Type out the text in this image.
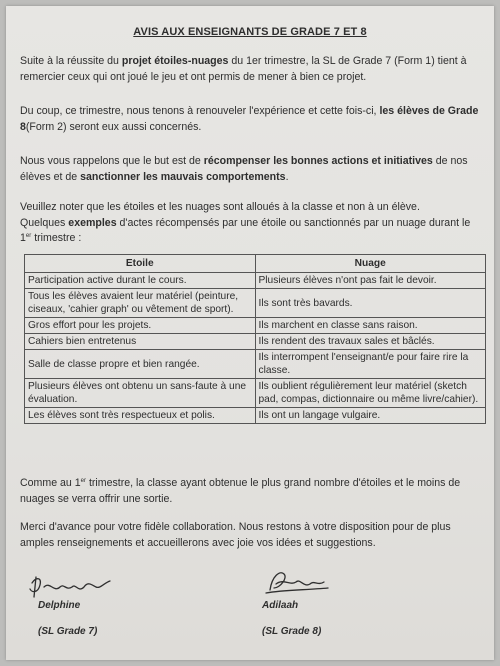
AVIS AUX ENSEIGNANTS DE GRADE 7 ET 8
Suite à la réussite du projet étoiles-nuages du 1er trimestre, la SL de Grade 7 (Form 1) tient à remercier ceux qui ont joué le jeu et ont permis de mener à bien ce projet.
Du coup, ce trimestre, nous tenons à renouveler l'expérience et cette fois-ci, les élèves de Grade 8(Form 2) seront eux aussi concernés.
Nous vous rappelons que le but est de récompenser les bonnes actions et initiatives de nos élèves et de sanctionner les mauvais comportements.
Veuillez noter que les étoiles et les nuages sont alloués à la classe et non à un élève.
Quelques exemples d'actes récompensés par une étoile ou sanctionnés par un nuage durant le 1er trimestre :
Etoile	Nuage
Participation active durant le cours.	Plusieurs élèves n'ont pas fait le devoir.
Tous les élèves avaient leur matériel (peinture, ciseaux, 'cahier graph' ou vêtement de sport).	Ils sont très bavards.
Gros effort pour les projets.	Ils marchent en classe sans raison.
Cahiers bien entretenus	Ils rendent des travaux sales et bâclés.
Salle de classe propre et bien rangée.	Ils interrompent l'enseignant/e pour faire rire la classe.
Plusieurs élèves ont obtenu un sans-faute à une évaluation.	Ils oublient régulièrement leur matériel (sketch pad, compas, dictionnaire ou même livre/cahier).
Les élèves sont très respectueux et polis.	Ils ont un langage vulgaire.
Comme au 1er trimestre, la classe ayant obtenue le plus grand nombre d'étoiles et le moins de nuages se verra offrir une sortie.
Merci d'avance pour votre fidèle collaboration. Nous restons à votre disposition pour de plus amples renseignements et accueillerons avec joie vos idées et suggestions.
Delphine
(SL Grade 7)
Adilaah
(SL Grade 8)
